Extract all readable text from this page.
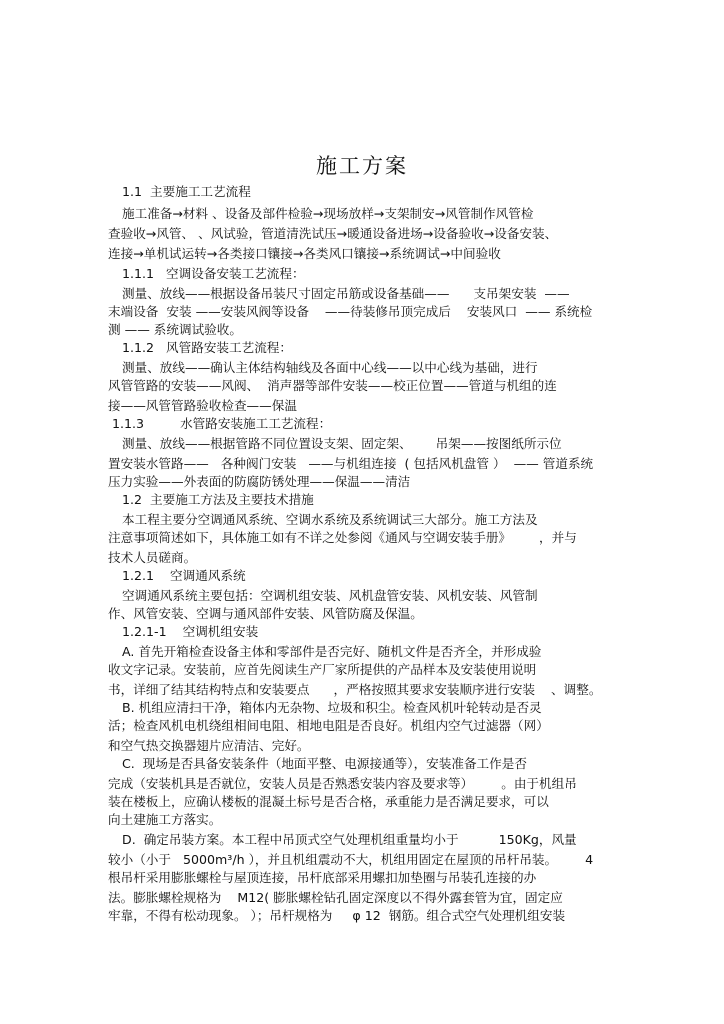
施工方案
1.1  主要施工工艺流程
施工准备→材料 、设备及部件检验→现场放样→支架制安→风管制作风管检
查验收→风管、 、风试验，管道清洗试压→暖通设备进场→设备验收→设备安装、
连接→单机试运转→各类接口镶接→各类风口镶接→系统调试→中间验收
1.1.1   空调设备安装工艺流程：
测量、放线——根据设备吊装尺寸固定吊筋或设备基础——      支吊架安装  ——
末端设备  安装 ——安装风阀等设备    ——待装修吊顶完成后    安装风口  —— 系统检
测 —— 系统调试验收。
1.1.2   风管路安装工艺流程：
测量、放线——确认主体结构轴线及各面中心线——以中心线为基础，进行
风管管路的安装——风阀、  消声器等部件安装——校正位置——管道与机组的连
接——风管管路验收检查——保温
1.1.3         水管路安装施工工艺流程：
测量、放线——根据管路不同位置设支架、固定架、      吊架——按图纸所示位
置安装水管路——   各种阀门安装   ——与机组连接  ( 包括风机盘管 ）  —— 管道系统
压力实验——外表面的防腐防锈处理——保温——清洁
1.2  主要施工方法及主要技术措施
本工程主要分空调通风系统、空调水系统及系统调试三大部分。施工方法及
注意事项简述如下，具体施工如有不详之处参阅《通风与空调安装手册》       ，并与
技术人员磋商。
1.2.1    空调通风系统
空调通风系统主要包括：空调机组安装、风机盘管安装、风机安装、风管制
作、风管安装、空调与通风部件安装、风管防腐及保温。
1.2.1-1    空调机组安装
A. 首先开箱检查设备主体和零部件是否完好、随机文件是否齐全，并形成验
收文字记录。安装前，应首先阅读生产厂家所提供的产品样本及安装使用说明
书，详细了结其结构特点和安装要点      ，严格按照其要求安装顺序进行安装    、调整。
B. 机组应清扫干净，箱体内无杂物、垃圾和积尘。检查风机叶轮转动是否灵
活；检查风机电机绕组相间电阻、相地电阻是否良好。机组内空气过滤器（网）
和空气热交换器翅片应清洁、完好。
C.  现场是否具备安装条件（地面平整、电源接通等），安装准备工作是否
完成（安装机具是否就位，安装人员是否熟悉安装内容及要求等）       。由于机组吊
装在楼板上，应确认楼板的混凝土标号是否合格，承重能力是否满足要求，可以
向土建施工方落实。
D.  确定吊装方案。本工程中吊顶式空气处理机组重量均小于          150Kg，风量
较小（小于   5000m³/h ），并且机组震动不大，机组用固定在屋顶的吊杆吊装。       4
根吊杆采用膨胀螺栓与屋顶连接，吊杆底部采用螺扣加垫圈与吊装孔连接的办
法。膨胀螺栓规格为    M12( 膨胀螺栓钻孔固定深度以不得外露套管为宜，固定应
牢靠，不得有松动现象。 ）；吊杆规格为     φ 12  钢筋。组合式空气处理机组安装
